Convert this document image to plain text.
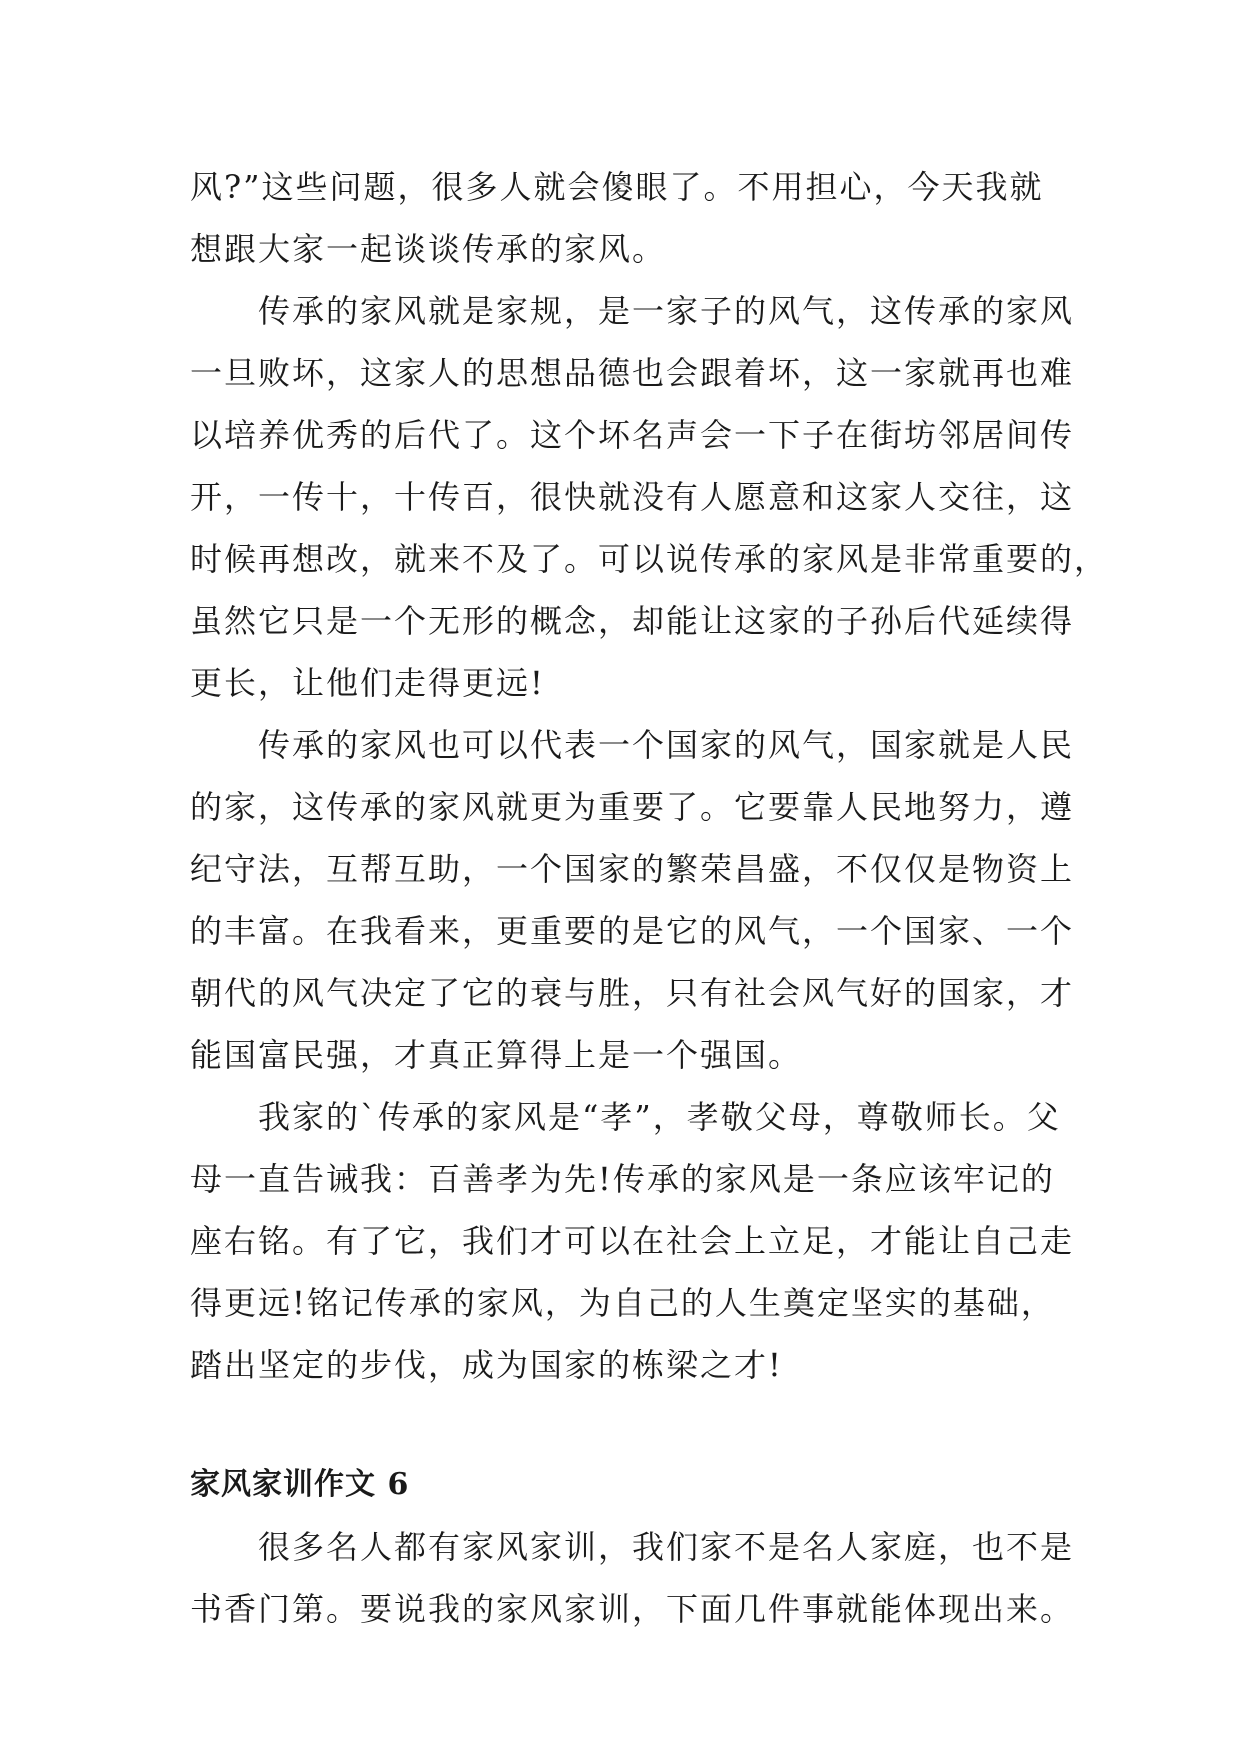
风?”这些问题，很多人就会傻眼了。不用担心，今天我就
想跟大家一起谈谈传承的家风。

传承的家风就是家规，是一家子的风气，这传承的家风
一旦败坏，这家人的思想品德也会跟着坏，这一家就再也难
以培养优秀的后代了。这个坏名声会一下子在街坊邻居间传
开，一传十，十传百，很快就没有人愿意和这家人交往，这
时候再想改，就来不及了。可以说传承的家风是非常重要的，
虽然它只是一个无形的概念，却能让这家的子孙后代延续得
更长，让他们走得更远!

传承的家风也可以代表一个国家的风气，国家就是人民
的家，这传承的家风就更为重要了。它要靠人民地努力，遵
纪守法，互帮互助，一个国家的繁荣昌盛，不仅仅是物资上
的丰富。在我看来，更重要的是它的风气，一个国家、一个
朝代的风气决定了它的衰与胜，只有社会风气好的国家，才
能国富民强，才真正算得上是一个强国。

我家的`传承的家风是“孝”，孝敬父母，尊敬师长。父
母一直告诫我：百善孝为先!传承的家风是一条应该牢记的
座右铭。有了它，我们才可以在社会上立足，才能让自己走
得更远!铭记传承的家风，为自己的人生奠定坚实的基础，
踏出坚定的步伐，成为国家的栋梁之才!

家风家训作文 6

很多名人都有家风家训，我们家不是名人家庭，也不是
书香门第。要说我的家风家训，下面几件事就能体现出来。
